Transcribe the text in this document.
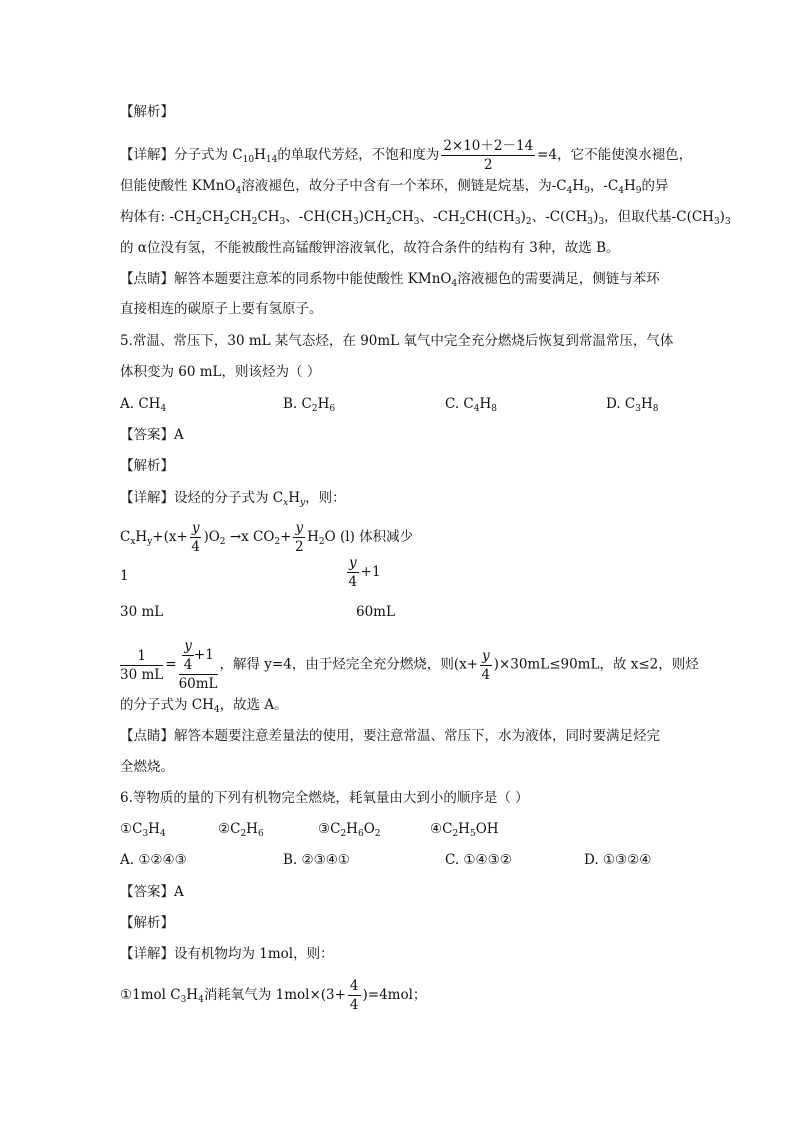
【解析】
【详解】分子式为 $C_{10}H_{14}$的单取代芳烃，不饱和度为 $\frac{2\times 10+2-14}{2} =4$，它不能使溴水褪色，
但能使酸性 KMnO$_4$溶液褪色，故分子中含有一个苯环，侧链是烷基，为$-C_4H_9$，$-C_4H_9$的异
构体有: $-CH_2CH_2CH_2CH_3$、$-CH(CH_3)CH_2CH_3$、$-CH_2CH(CH_3)_2$、$-C(CH_3)_3$，但取代基$-C(CH_3)_3$
的 α位没有氢，不能被酸性高锰酸钾溶液氧化，故符合条件的结构有 3种，故选 B。
【点睛】解答本题要注意苯的同系物中能使酸性 KMnO$_4$溶液褪色的需要满足，侧链与苯环
直接相连的碳原子上要有氢原子。
5.常温、常压下，30 mL 某气态烃，在 90mL 氧气中完全充分燃烧后恢复到常温常压，气体
体积变为 60 mL，则该烃为（ ）
A. $CH_4$	B. $C_2H_6$	C. $C_4H_8$	D. $C_3H_8$
【答案】A
【解析】
【详解】设烃的分子式为 $C_xH_y$，则：
$C_xH_y+(x+ \frac{y}{4} )O_2 \to x$ $CO_2+ \frac{y}{2} H_2O$ (l) 体积减少
1	$\frac{y}{4} +1$
30 mL	60mL
$\frac{1}{30 mL} = \frac{\frac{y}{4} +1}{60mL}$ ，解得 y=4，由于烃完全充分燃烧，则$(x+ \frac{y}{4} )\times 30mL\le 90mL$，故 x≤2，则烃
的分子式为 $CH_4$，故选 A。
【点睛】解答本题要注意差量法的使用，要注意常温、常压下，水为液体，同时要满足烃完
全燃烧。
6.等物质的量的下列有机物完全燃烧，耗氧量由大到小的顺序是（ ）
$①C_3H_4$	$②C_2H_6$	$③C_2H_6O_2$	$④C_2H_5OH$
A. ①②④③	B. ②③④①	C. ①④③②	D. ①③②④
【答案】A
【解析】
【详解】设有机物均为 1mol，则：
①1mol $C_3H_4$消耗氧气为 $1mol\times(3+ \frac{4}{4} )=4mol$；
